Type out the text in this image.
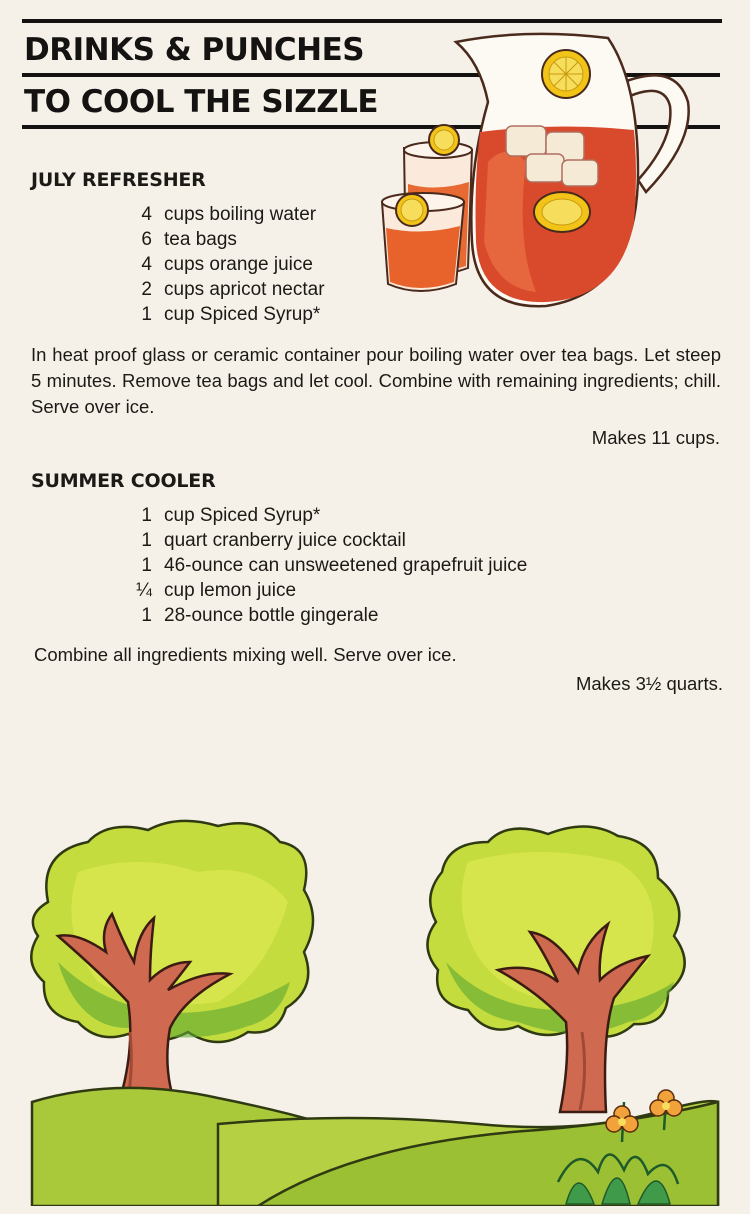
DRINKS & PUNCHES
TO COOL THE SIZZLE
JULY REFRESHER
4 cups boiling water
6 tea bags
4 cups orange juice
2 cups apricot nectar
1 cup Spiced Syrup*

In heat proof glass or ceramic container pour boiling water over tea bags. Let steep 5 minutes. Remove tea bags and let cool. Combine with remaining ingredients; chill. Serve over ice.

Makes 11 cups.

SUMMER COOLER
1 cup Spiced Syrup*
1 quart cranberry juice cocktail
1 46-ounce can unsweetened grapefruit juice
¼ cup lemon juice
1 28-ounce bottle gingerale

Combine all ingredients mixing well. Serve over ice.

Makes 3½ quarts.
